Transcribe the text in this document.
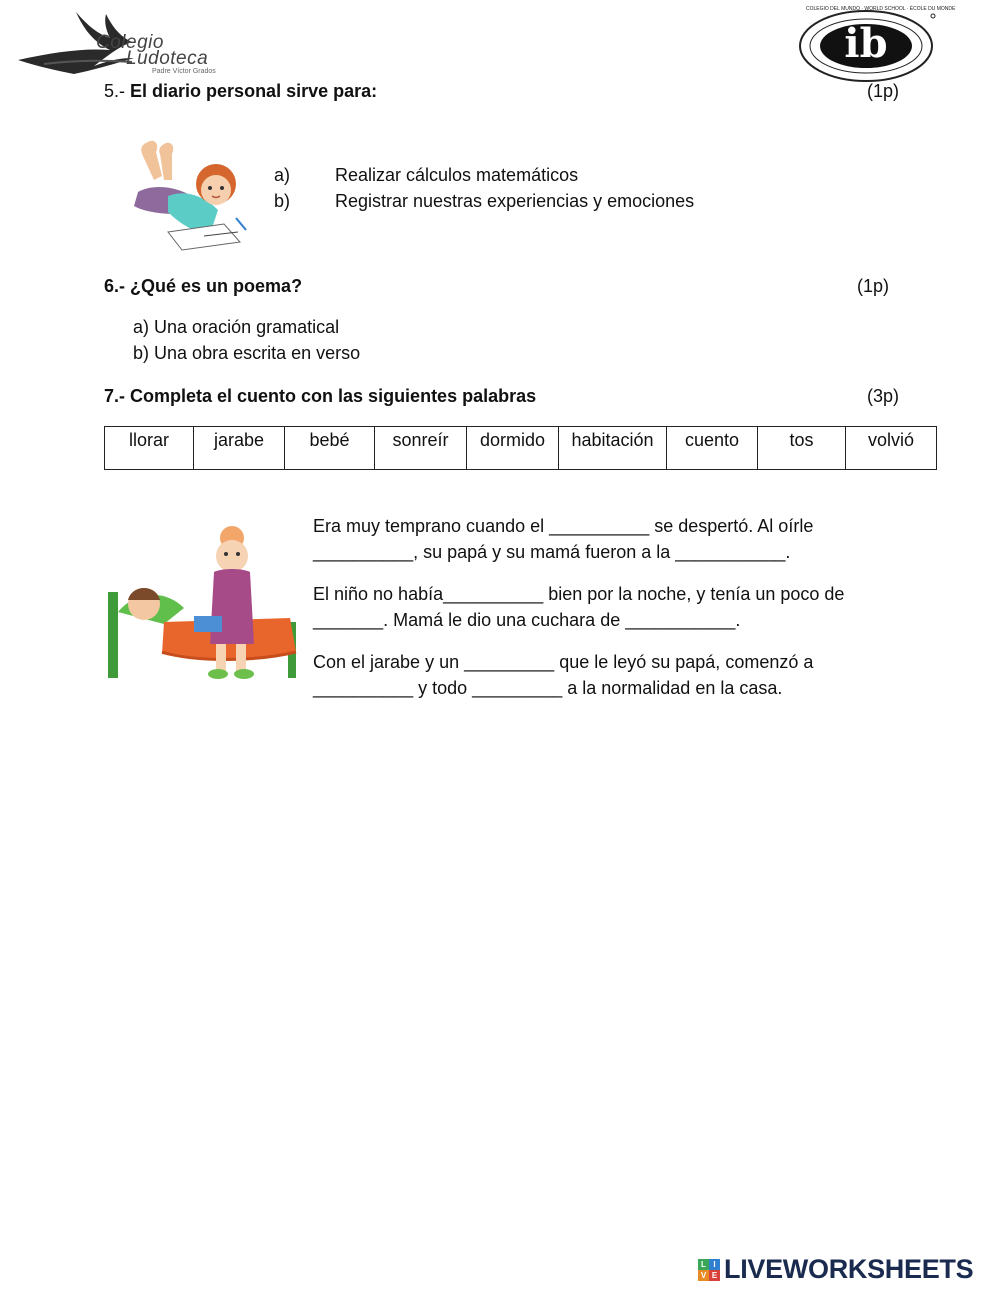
Colegio
Ludoteca
Padre Víctor Grados
ib
COLEGIO DEL MUNDO · WORLD SCHOOL · ÉCOLE DU MONDE
5.- El diario personal sirve para:	(1p)
a) Realizar cálculos matemáticos
b) Registrar nuestras experiencias y emociones
6.- ¿Qué es un poema?	(1p)
a) Una oración gramatical
b) Una obra escrita en verso
7.- Completa el cuento con las siguientes palabras	(3p)
llorar	jarabe	bebé	sonreír	dormido	habitación	cuento	tos	volvió

Era muy temprano cuando el __________ se despertó. Al oírle

__________, su papá y su mamá fueron a la ___________.

El niño no había__________ bien por la noche, y tenía un poco de

_______. Mamá le dio una cuchara de ___________.

Con el jarabe y un _________ que le leyó su papá, comenzó a

__________ y todo _________ a la normalidad en la casa.

L I
V E LIVEWORKSHEETS
